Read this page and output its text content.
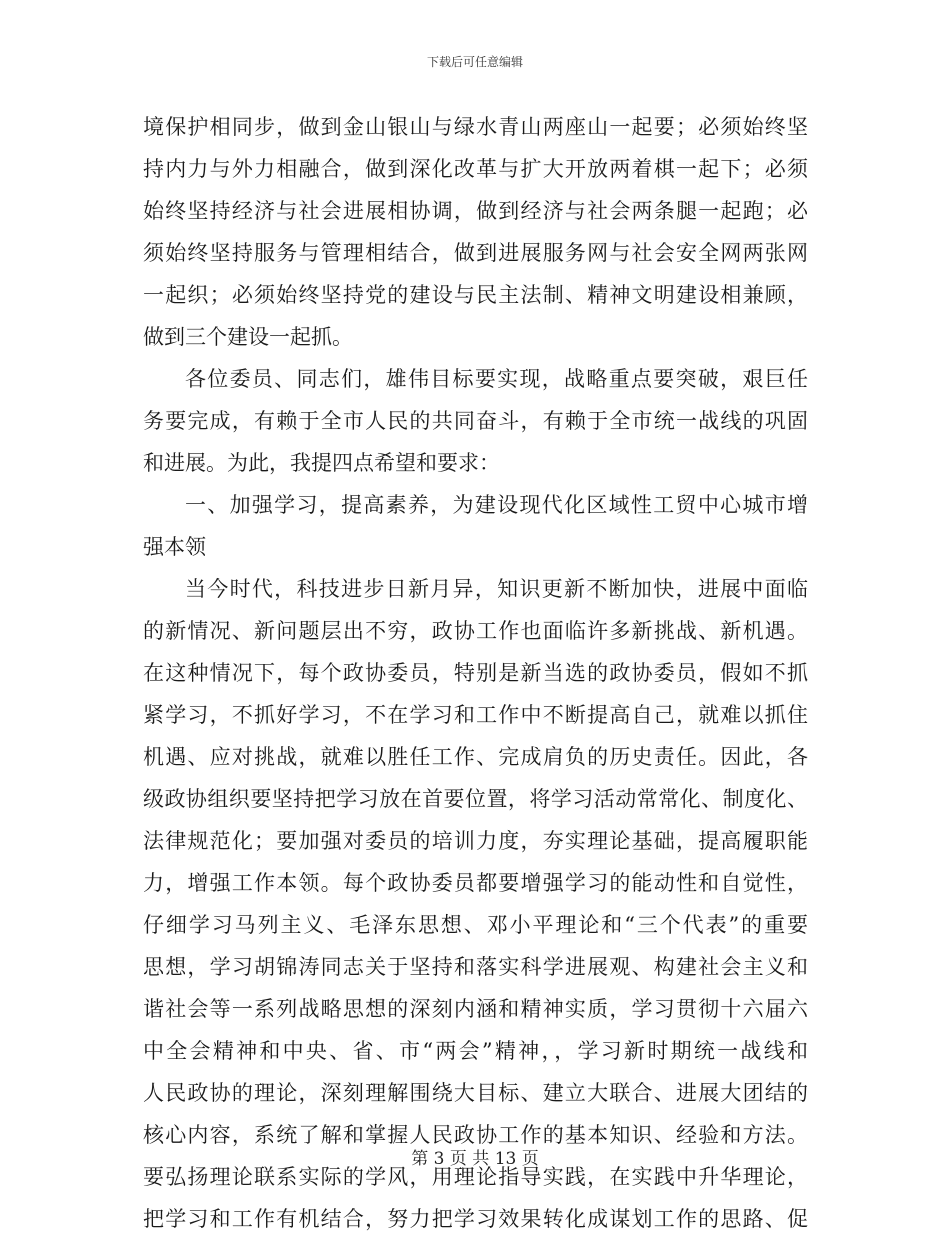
下载后可任意编辑
境保护相同步，做到金山银山与绿水青山两座山一起要；必须始终坚
持内力与外力相融合，做到深化改革与扩大开放两着棋一起下；必须
始终坚持经济与社会进展相协调，做到经济与社会两条腿一起跑；必
须始终坚持服务与管理相结合，做到进展服务网与社会安全网两张网
一起织；必须始终坚持党的建设与民主法制、精神文明建设相兼顾，
做到三个建设一起抓。
各位委员、同志们，雄伟目标要实现，战略重点要突破，艰巨任
务要完成，有赖于全市人民的共同奋斗，有赖于全市统一战线的巩固
和进展。为此，我提四点希望和要求：
一、加强学习，提高素养，为建设现代化区域性工贸中心城市增
强本领
当今时代，科技进步日新月异，知识更新不断加快，进展中面临
的新情况、新问题层出不穷，政协工作也面临许多新挑战、新机遇。
在这种情况下，每个政协委员，特别是新当选的政协委员，假如不抓
紧学习，不抓好学习，不在学习和工作中不断提高自己，就难以抓住
机遇、应对挑战，就难以胜任工作、完成肩负的历史责任。因此，各
级政协组织要坚持把学习放在首要位置，将学习活动常常化、制度化、
法律规范化；要加强对委员的培训力度，夯实理论基础，提高履职能
力，增强工作本领。每个政协委员都要增强学习的能动性和自觉性，
仔细学习马列主义、毛泽东思想、邓小平理论和“三个代表”的重要
思想，学习胡锦涛同志关于坚持和落实科学进展观、构建社会主义和
谐社会等一系列战略思想的深刻内涵和精神实质，学习贯彻十六届六
中全会精神和中央、省、市“两会”精神，，学习新时期统一战线和
人民政协的理论，深刻理解围绕大目标、建立大联合、进展大团结的
核心内容，系统了解和掌握人民政协工作的基本知识、经验和方法。
要弘扬理论联系实际的学风，用理论指导实践，在实践中升华理论，
把学习和工作有机结合，努力把学习效果转化成谋划工作的思路、促
第 3 页 共 13 页
